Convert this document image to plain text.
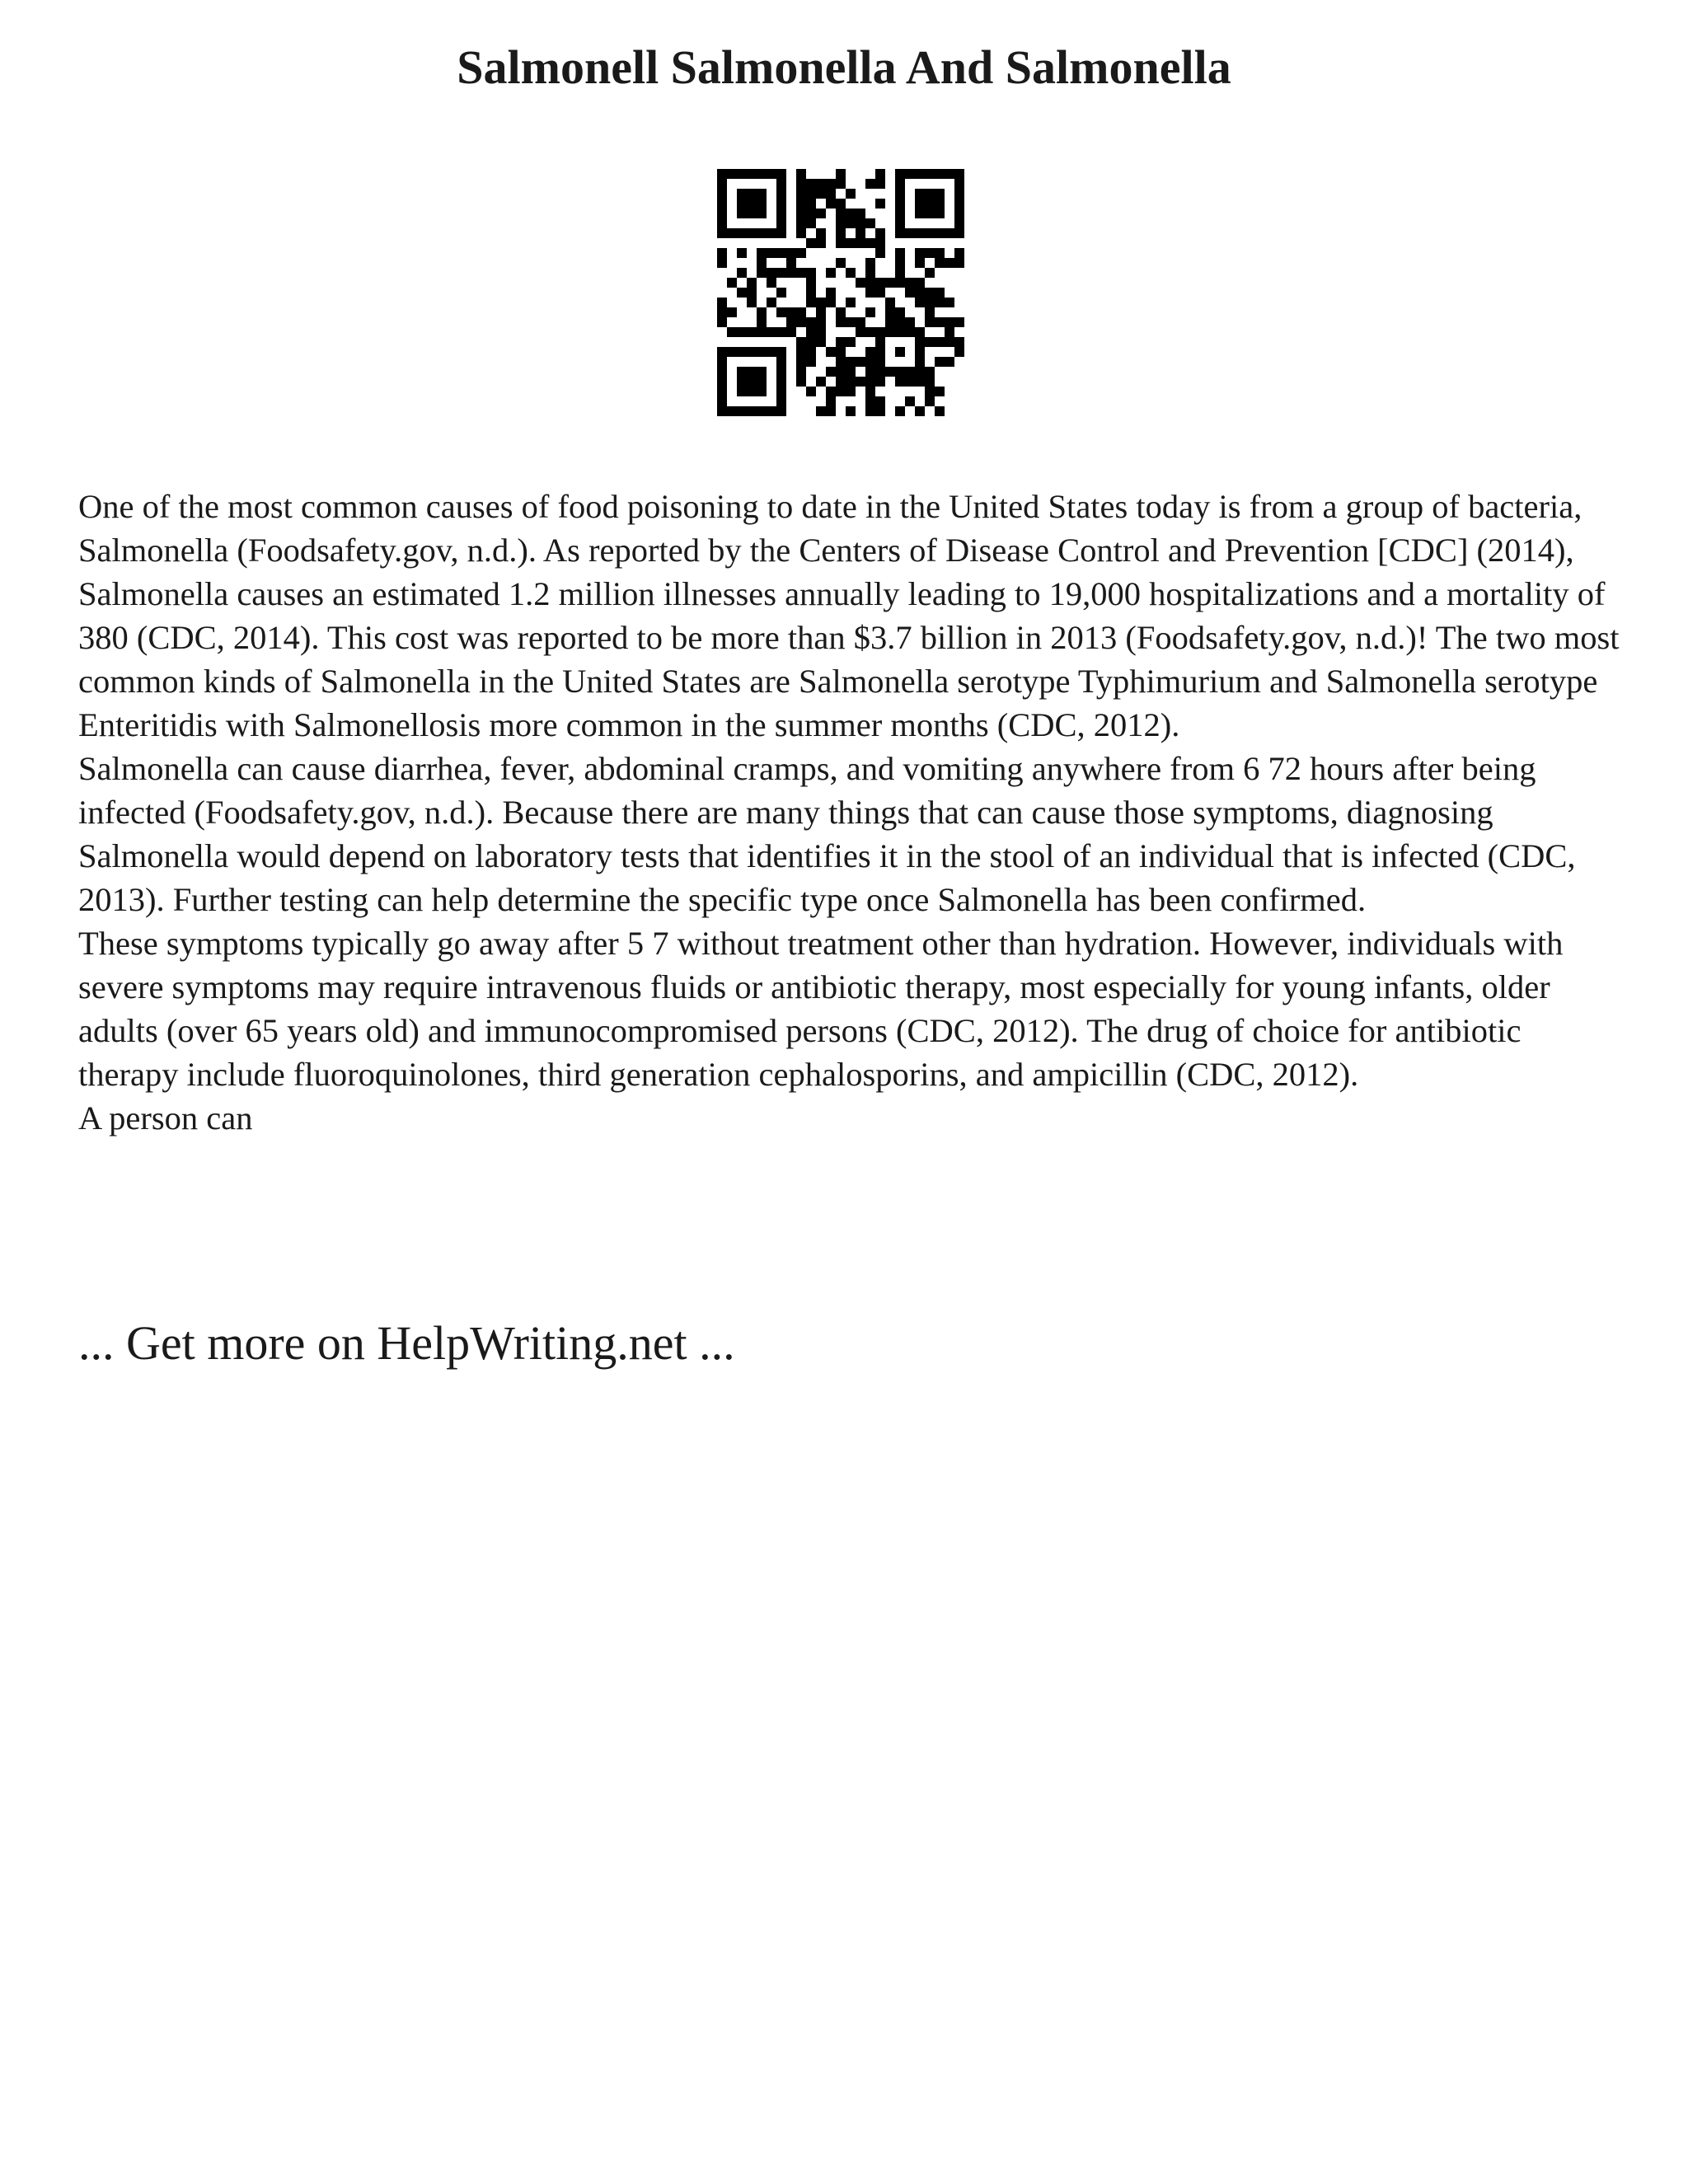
Salmonell Salmonella And Salmonella

One of the most common causes of food poisoning to date in the United States today is from a group of bacteria, Salmonella (Foodsafety.gov, n.d.). As reported by the Centers of Disease Control and Prevention [CDC] (2014), Salmonella causes an estimated 1.2 million illnesses annually leading to 19,000 hospitalizations and a mortality of 380 (CDC, 2014). This cost was reported to be more than $3.7 billion in 2013 (Foodsafety.gov, n.d.)! The two most common kinds of Salmonella in the United States are Salmonella serotype Typhimurium and Salmonella serotype Enteritidis with Salmonellosis more common in the summer months (CDC, 2012).

Salmonella can cause diarrhea, fever, abdominal cramps, and vomiting anywhere from 6 72 hours after being infected (Foodsafety.gov, n.d.). Because there are many things that can cause those symptoms, diagnosing Salmonella would depend on laboratory tests that identifies it in the stool of an individual that is infected (CDC, 2013). Further testing can help determine the specific type once Salmonella has been confirmed.

These symptoms typically go away after 5 7 without treatment other than hydration. However, individuals with severe symptoms may require intravenous fluids or antibiotic therapy, most especially for young infants, older adults (over 65 years old) and immunocompromised persons (CDC, 2012). The drug of choice for antibiotic therapy include fluoroquinolones, third generation cephalosporins, and ampicillin (CDC, 2012).

A person can

... Get more on HelpWriting.net ...
